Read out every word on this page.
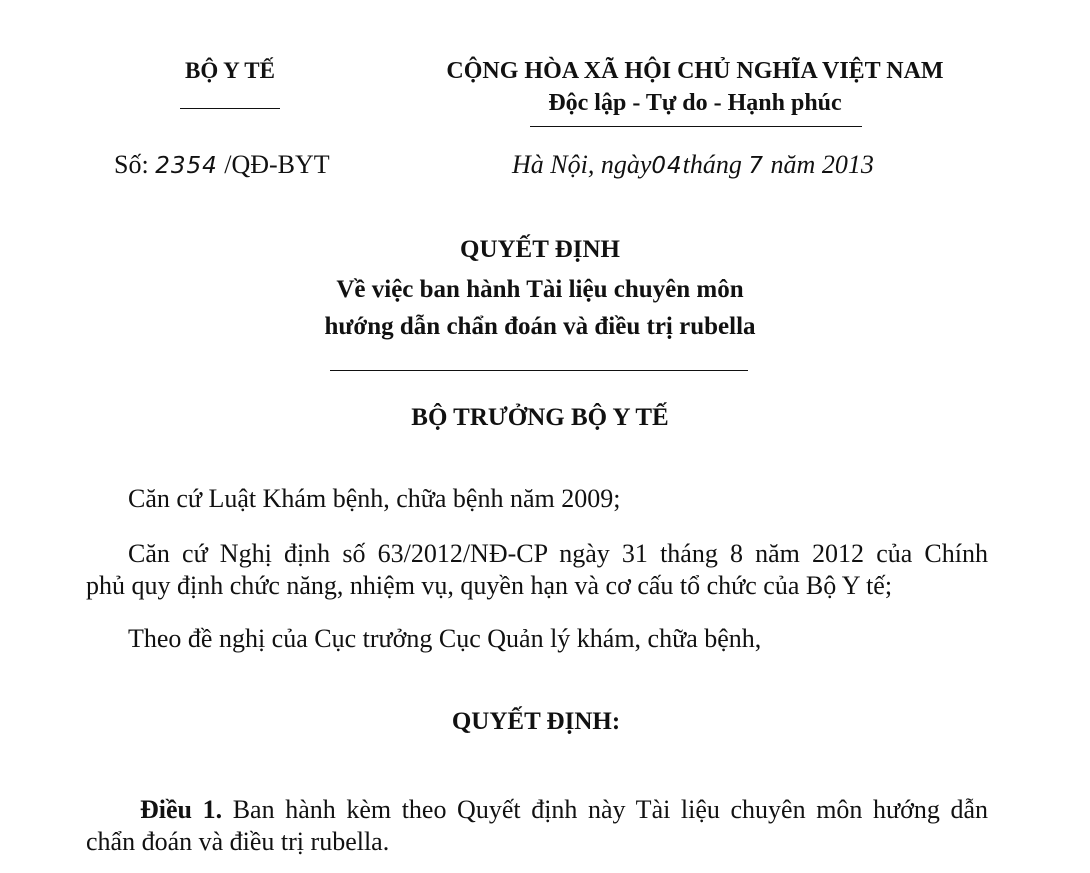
BỘ Y TẾ	CỘNG HÒA XÃ HỘI CHỦ NGHĨA VIỆT NAM
Độc lập - Tự do - Hạnh phúc
Số: 2354 /QĐ-BYT	Hà Nội, ngày04tháng 7 năm 2013
QUYẾT ĐỊNH
Về việc ban hành Tài liệu chuyên môn
hướng dẫn chẩn đoán và điều trị rubella
BỘ TRƯỞNG BỘ Y TẾ
Căn cứ Luật Khám bệnh, chữa bệnh năm 2009;
Căn cứ Nghị định số 63/2012/NĐ-CP ngày 31 tháng 8 năm 2012 của Chính
phủ quy định chức năng, nhiệm vụ, quyền hạn và cơ cấu tổ chức của Bộ Y tế;
Theo đề nghị của Cục trưởng Cục Quản lý khám, chữa bệnh,
QUYẾT ĐỊNH:
Điều 1. Ban hành kèm theo Quyết định này Tài liệu chuyên môn hướng dẫn
chẩn đoán và điều trị rubella.
